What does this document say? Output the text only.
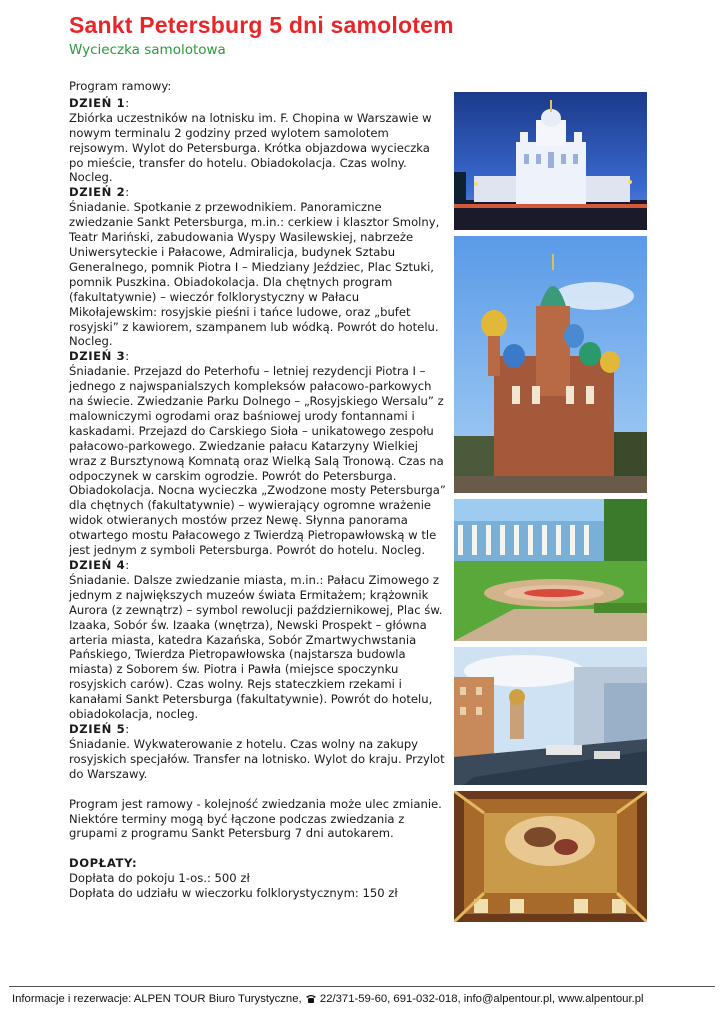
Sankt Petersburg 5 dni samolotem
Wycieczka samolotowa

Program ramowy:

DZIEŃ 1:

Zbiórka uczestników na lotnisku im. F. Chopina w Warszawie w nowym terminalu 2 godziny przed wylotem samolotem rejsowym. Wylot do Petersburga. Krótka objazdowa wycieczka po mieście, transfer do hotelu. Obiadokolacja. Czas wolny. Nocleg.

DZIEŃ 2:

Śniadanie. Spotkanie z przewodnikiem. Panoramiczne zwiedzanie Sankt Petersburga, m.in.: cerkiew i klasztor Smolny, Teatr Mariński, zabudowania Wyspy Wasilewskiej, nabrzeże Uniwersyteckie i Pałacowe, Admiralicja, budynek Sztabu Generalnego, pomnik Piotra I – Miedziany Jeździec, Plac Sztuki, pomnik Puszkina. Obiadokolacja. Dla chętnych program (fakultatywnie) – wieczór folklorystyczny w Pałacu Mikołajewskim: rosyjskie pieśni i tańce ludowe, oraz „bufet rosyjski” z kawiorem, szampanem lub wódką. Powrót do hotelu. Nocleg.

DZIEŃ 3:

Śniadanie. Przejazd do Peterhofu – letniej rezydencji Piotra I – jednego z najwspanialszych kompleksów pałacowo-parkowych na świecie. Zwiedzanie Parku Dolnego – „Rosyjskiego Wersalu” z malowniczymi ogrodami oraz baśniowej urody fontannami i kaskadami. Przejazd do Carskiego Sioła – unikatowego zespołu pałacowo-parkowego. Zwiedzanie pałacu Katarzyny Wielkiej wraz z Bursztynową Komnatą oraz Wielką Salą Tronową. Czas na odpoczynek w carskim ogrodzie. Powrót do Petersburga. Obiadokolacja. Nocna wycieczka „Zwodzone mosty Petersburga” dla chętnych (fakultatywnie) – wywierający ogromne wrażenie widok otwieranych mostów przez Newę. Słynna panorama otwartego mostu Pałacowego z Twierdzą Pietropawłowską w tle jest jednym z symboli Petersburga. Powrót do hotelu. Nocleg.

DZIEŃ 4:

Śniadanie. Dalsze zwiedzanie miasta, m.in.: Pałacu Zimowego z jednym z największych muzeów świata Ermitażem; krążownik Aurora (z zewnątrz) – symbol rewolucji październikowej, Plac św. Izaaka, Sobór św. Izaaka (wnętrza), Newski Prospekt – główna arteria miasta, katedra Kazańska, Sobór Zmartwychwstania Pańskiego, Twierdza Pietropawłowska (najstarsza budowla miasta) z Soborem św. Piotra i Pawła (miejsce spoczynku rosyjskich carów). Czas wolny. Rejs stateczkiem rzekami i kanałami Sankt Petersburga (fakultatywnie). Powrót do hotelu, obiadokolacja, nocleg.

DZIEŃ 5:

Śniadanie. Wykwaterowanie z hotelu. Czas wolny na zakupy rosyjskich specjałów. Transfer na lotnisko. Wylot do kraju. Przylot do Warszawy.

Program jest ramowy - kolejność zwiedzania może ulec zmianie. Niektóre terminy mogą być łączone podczas zwiedzania z grupami z programu Sankt Petersburg 7 dni autokarem.

DOPŁATY:

Dopłata do pokoju 1-os.: 500 zł

Dopłata do udziału w wieczorku folklorystycznym: 150 zł

Informacje i rezerwacje: ALPEN TOUR Biuro Turystyczne, 22/371-59-60, 691-032-018, info@alpentour.pl, www.alpentour.pl
